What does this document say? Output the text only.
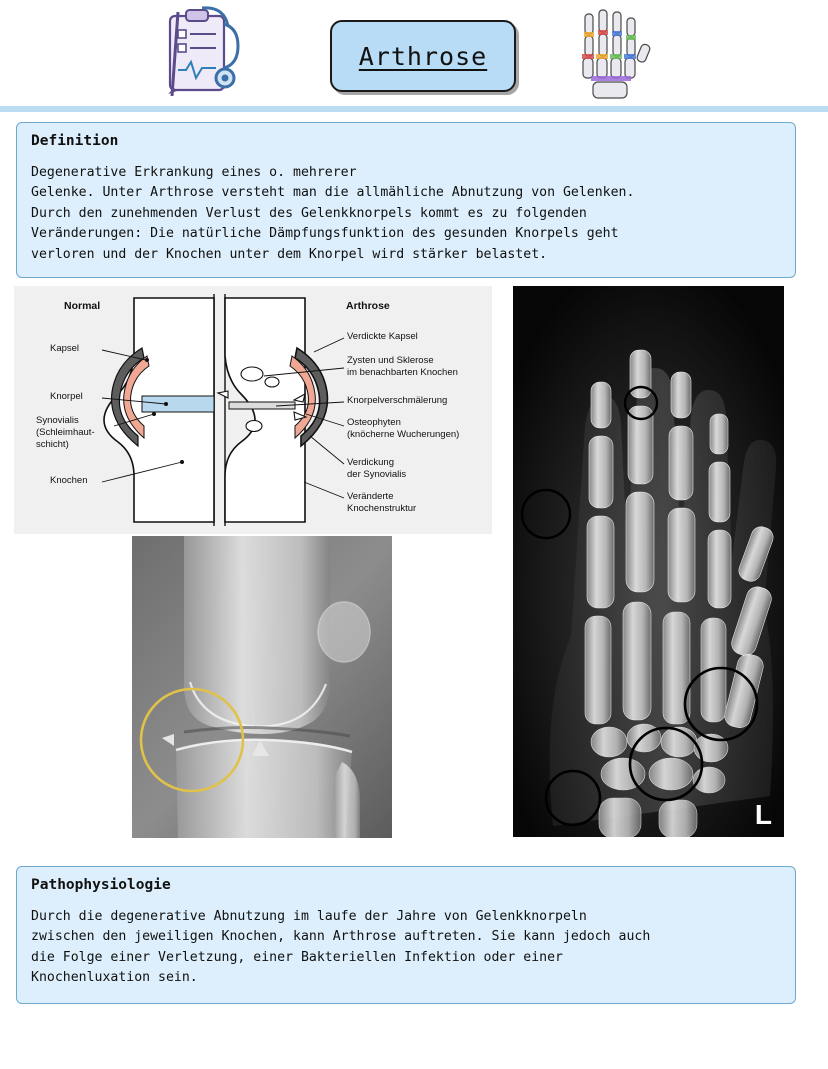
Arthrose
Definition
Degenerative Erkrankung eines o. mehrerer
Gelenke. Unter Arthrose versteht man die allmähliche Abnutzung von Gelenken.
Durch den zunehmenden Verlust des Gelenkknorpels kommt es zu folgenden
Veränderungen: Die natürliche Dämpfungsfunktion des gesunden Knorpels geht
verloren und der Knochen unter dem Knorpel wird stärker belastet.
Normal	Arthrose
Kapsel
Knorpel
Synovialis
(Schleimhaut-
schicht)
Knochen
Verdickte Kapsel
Zysten und Sklerose
im benachbarten Knochen
Knorpelverschmälerung
Osteophyten
(knöcherne Wucherungen)
Verdickung
der Synovialis
Veränderte
Knochenstruktur
L
Pathophysiologie
Durch die degenerative Abnutzung im laufe der Jahre von Gelenkknorpeln
zwischen den jeweiligen Knochen, kann Arthrose auftreten. Sie kann jedoch auch
die Folge einer Verletzung, einer Bakteriellen Infektion oder einer
Knochenluxation sein.
